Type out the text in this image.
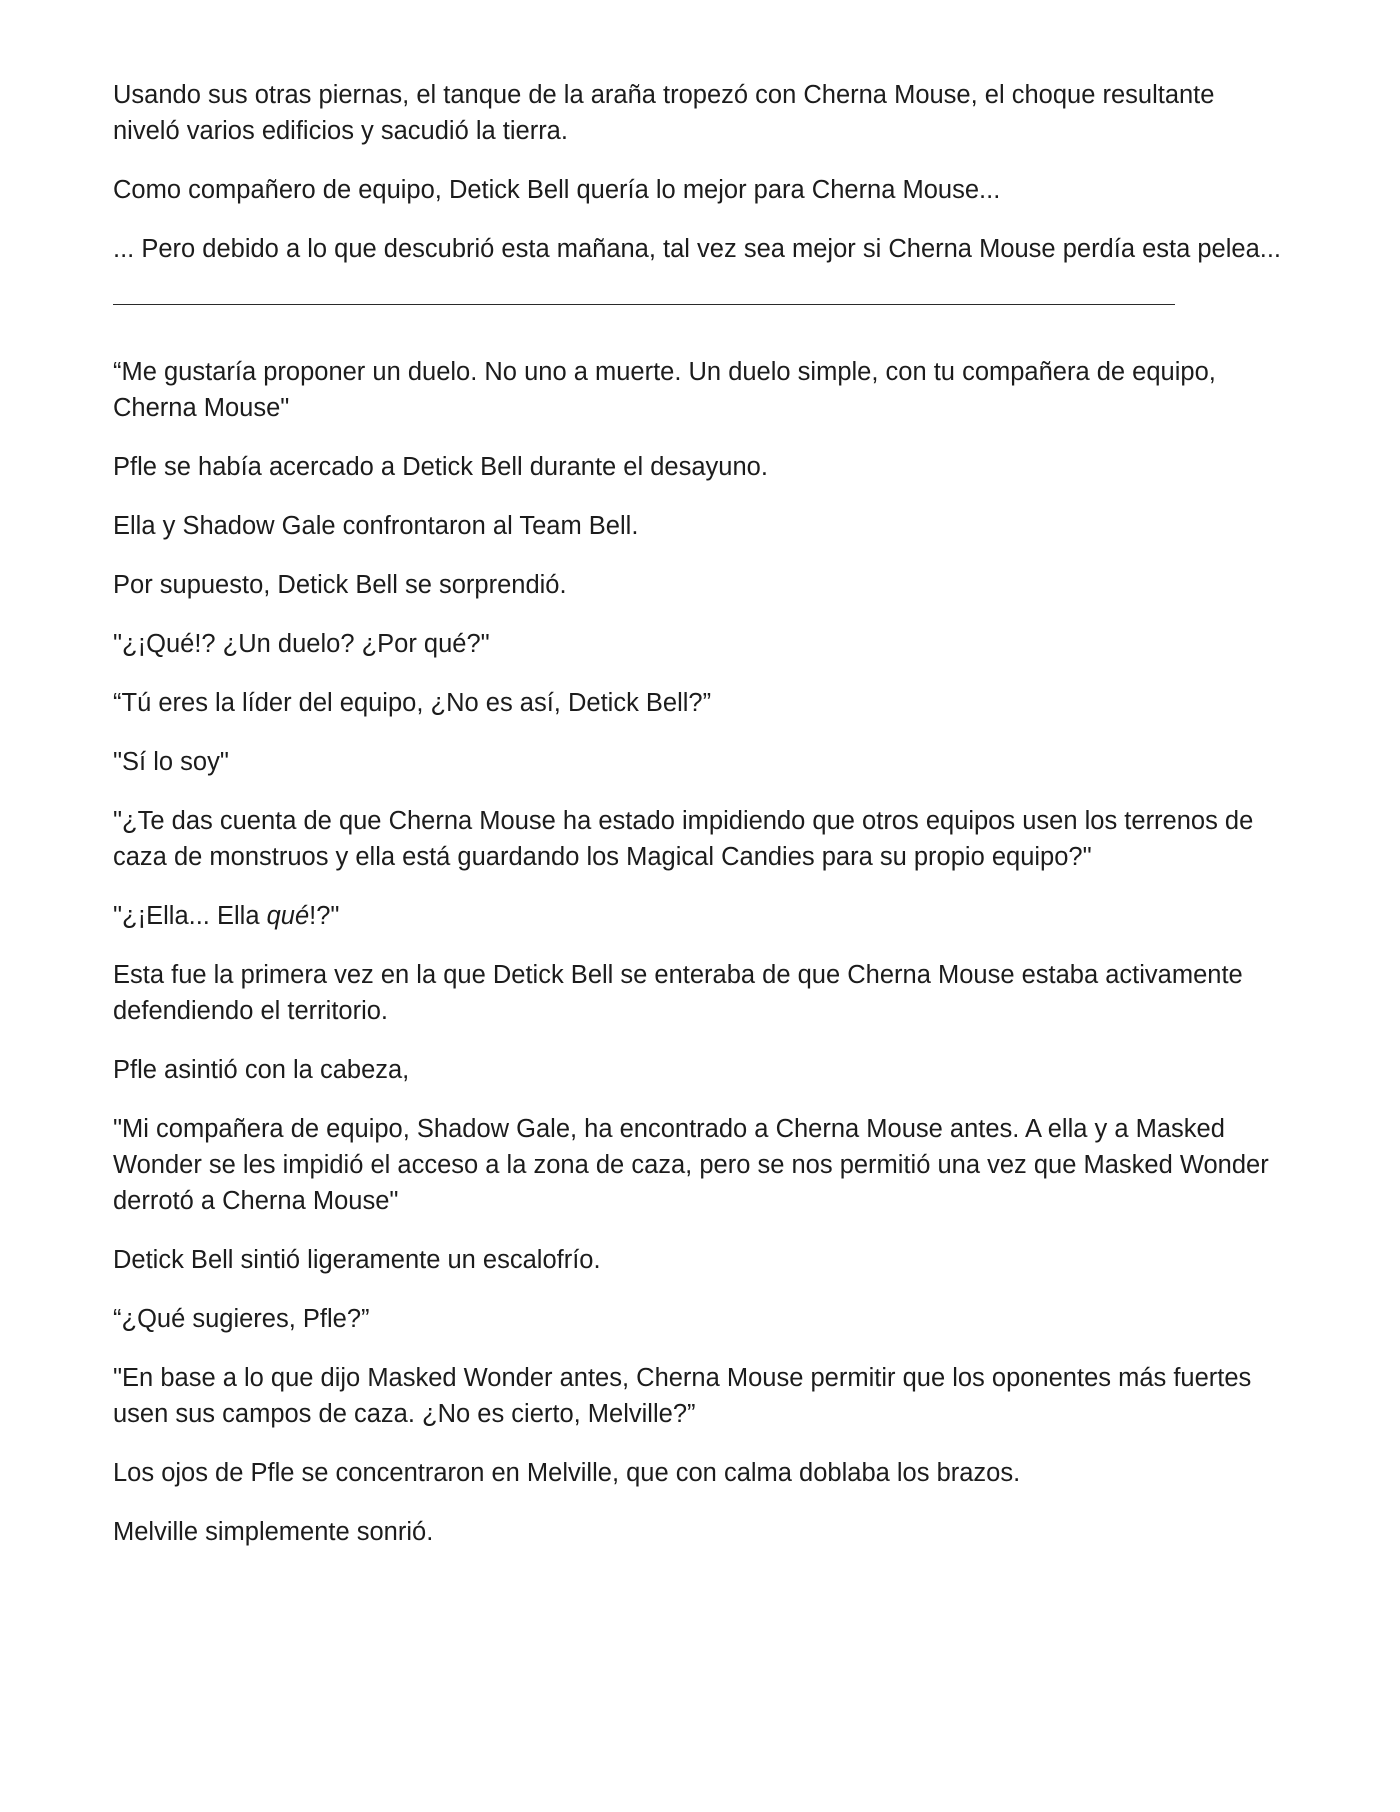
Usando sus otras piernas, el tanque de la araña tropezó con Cherna Mouse, el choque resultante niveló varios edificios y sacudió la tierra.

Como compañero de equipo, Detick Bell quería lo mejor para Cherna Mouse...

... Pero debido a lo que descubrió esta mañana, tal vez sea mejor si Cherna Mouse perdía esta pelea...

“Me gustaría proponer un duelo. No uno a muerte. Un duelo simple, con tu compañera de equipo, Cherna Mouse"

Pfle se había acercado a Detick Bell durante el desayuno.

Ella y Shadow Gale confrontaron al Team Bell.

Por supuesto, Detick Bell se sorprendió.

"¿¡Qué!? ¿Un duelo? ¿Por qué?"

“Tú eres la líder del equipo, ¿No es así, Detick Bell?”

"Sí lo soy"

"¿Te das cuenta de que Cherna Mouse ha estado impidiendo que otros equipos usen los terrenos de caza de monstruos y ella está guardando los Magical Candies para su propio equipo?"

"¿¡Ella... Ella qué!?"

Esta fue la primera vez en la que Detick Bell se enteraba de que Cherna Mouse estaba activamente defendiendo el territorio.

Pfle asintió con la cabeza,

"Mi compañera de equipo, Shadow Gale, ha encontrado a Cherna Mouse antes. A ella y a Masked Wonder se les impidió el acceso a la zona de caza, pero se nos permitió una vez que Masked Wonder derrotó a Cherna Mouse"

Detick Bell sintió ligeramente un escalofrío.

“¿Qué sugieres, Pfle?”

"En base a lo que dijo Masked Wonder antes, Cherna Mouse permitir que los oponentes más fuertes usen sus campos de caza. ¿No es cierto, Melville?”

Los ojos de Pfle se concentraron en Melville, que con calma doblaba los brazos.

Melville simplemente sonrió.
